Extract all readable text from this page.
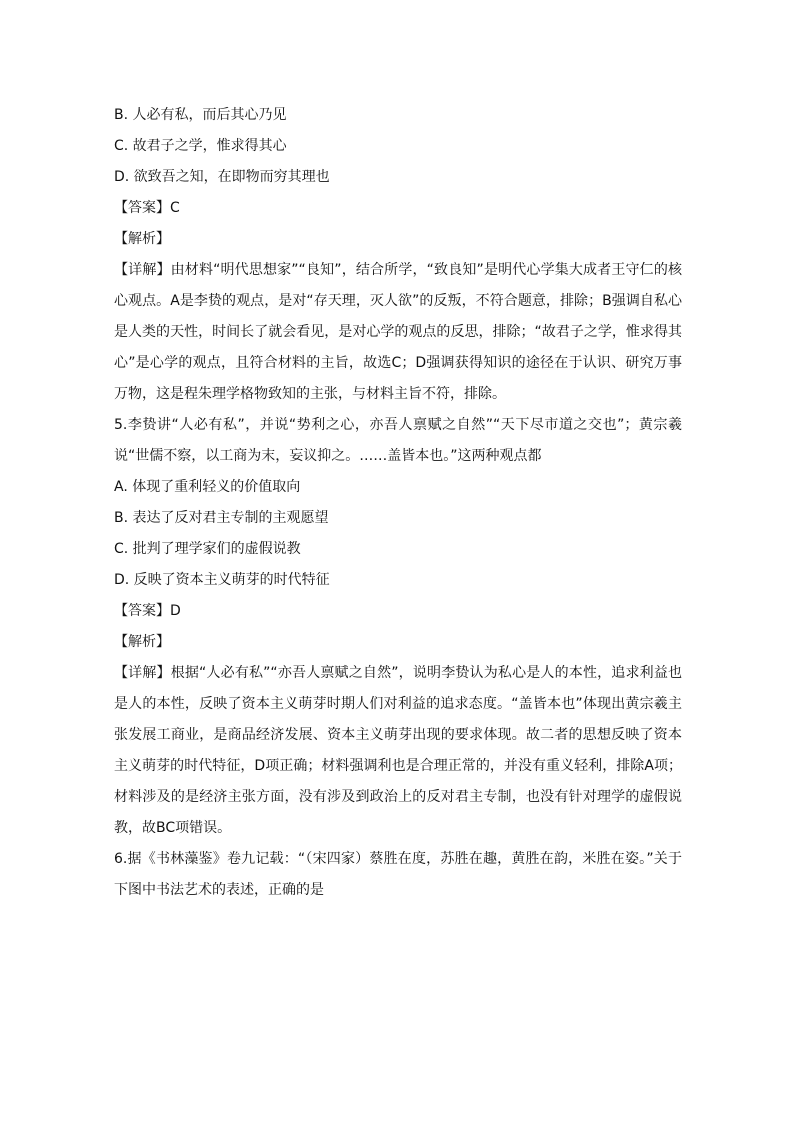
B. 人必有私，而后其心乃见
C. 故君子之学，惟求得其心
D. 欲致吾之知，在即物而穷其理也
【答案】C
【解析】
【详解】由材料“明代思想家”“良知”，结合所学，“致良知”是明代心学集大成者王守仁的核心观点。A是李贽的观点，是对“存天理，灭人欲”的反叛，不符合题意，排除；B强调自私心是人类的天性，时间长了就会看见，是对心学的观点的反思，排除；“故君子之学，惟求得其心”是心学的观点，且符合材料的主旨，故选C；D强调获得知识的途径在于认识、研究万事万物，这是程朱理学格物致知的主张，与材料主旨不符，排除。
5.李贽讲“人必有私”，并说“势利之心，亦吾人禀赋之自然”“天下尽市道之交也”；黄宗羲说“世儒不察，以工商为末，妄议抑之。……盖皆本也。”这两种观点都
A. 体现了重利轻义的价值取向
B. 表达了反对君主专制的主观愿望
C. 批判了理学家们的虚假说教
D. 反映了资本主义萌芽的时代特征
【答案】D
【解析】
【详解】根据“人必有私”“亦吾人禀赋之自然”，说明李贽认为私心是人的本性，追求利益也是人的本性，反映了资本主义萌芽时期人们对利益的追求态度。“盖皆本也”体现出黄宗羲主张发展工商业，是商品经济发展、资本主义萌芽出现的要求体现。故二者的思想反映了资本主义萌芽的时代特征，D项正确；材料强调利也是合理正常的，并没有重义轻利，排除A项；材料涉及的是经济主张方面，没有涉及到政治上的反对君主专制，也没有针对理学的虚假说教，故BC项错误。
6.据《书林藻鉴》卷九记载：“（宋四家）蔡胜在度，苏胜在趣，黄胜在韵，米胜在姿。”关于下图中书法艺术的表述，正确的是
